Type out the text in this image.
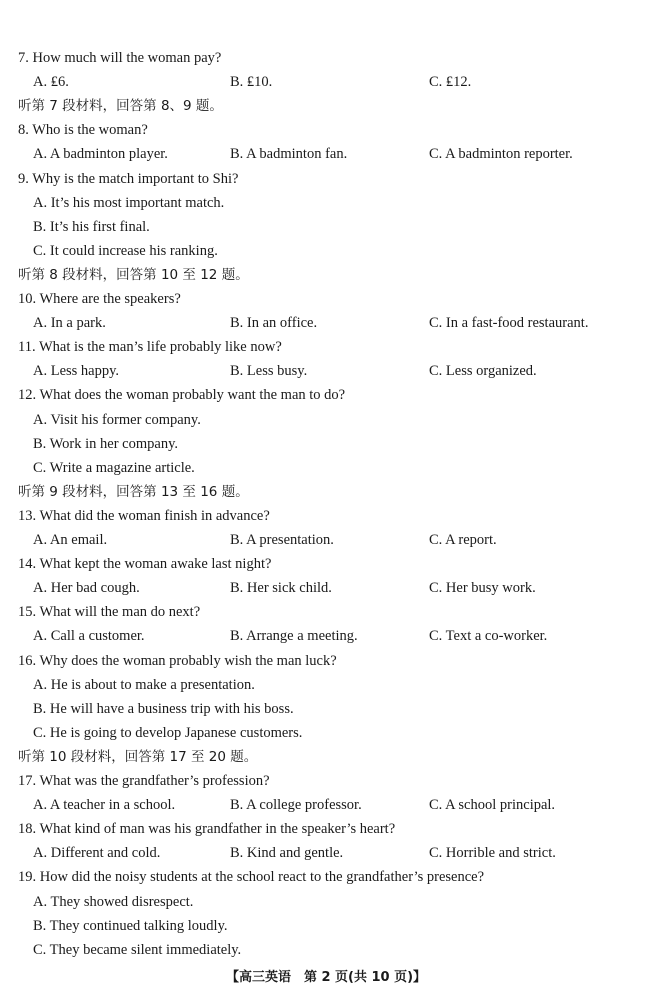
7. How much will the woman pay?
A. ₤6.	B. ₤10.	C. ₤12.
听第 7 段材料，回答第 8、9 题。
8. Who is the woman?
A. A badminton player.	B. A badminton fan.	C. A badminton reporter.
9. Why is the match important to Shi?
A. It’s his most important match.
B. It’s his first final.
C. It could increase his ranking.
听第 8 段材料，回答第 10 至 12 题。
10. Where are the speakers?
A. In a park.	B. In an office.	C. In a fast-food restaurant.
11. What is the man’s life probably like now?
A. Less happy.	B. Less busy.	C. Less organized.
12. What does the woman probably want the man to do?
A. Visit his former company.
B. Work in her company.
C. Write a magazine article.
听第 9 段材料，回答第 13 至 16 题。
13. What did the woman finish in advance?
A. An email.	B. A presentation.	C. A report.
14. What kept the woman awake last night?
A. Her bad cough.	B. Her sick child.	C. Her busy work.
15. What will the man do next?
A. Call a customer.	B. Arrange a meeting.	C. Text a co-worker.
16. Why does the woman probably wish the man luck?
A. He is about to make a presentation.
B. He will have a business trip with his boss.
C. He is going to develop Japanese customers.
听第 10 段材料，回答第 17 至 20 题。
17. What was the grandfather’s profession?
A. A teacher in a school.	B. A college professor.	C. A school principal.
18. What kind of man was his grandfather in the speaker’s heart?
A. Different and cold.	B. Kind and gentle.	C. Horrible and strict.
19. How did the noisy students at the school react to the grandfather’s presence?
A. They showed disrespect.
B. They continued talking loudly.
C. They became silent immediately.
【高三英语　第 2 页(共 10 页)】
